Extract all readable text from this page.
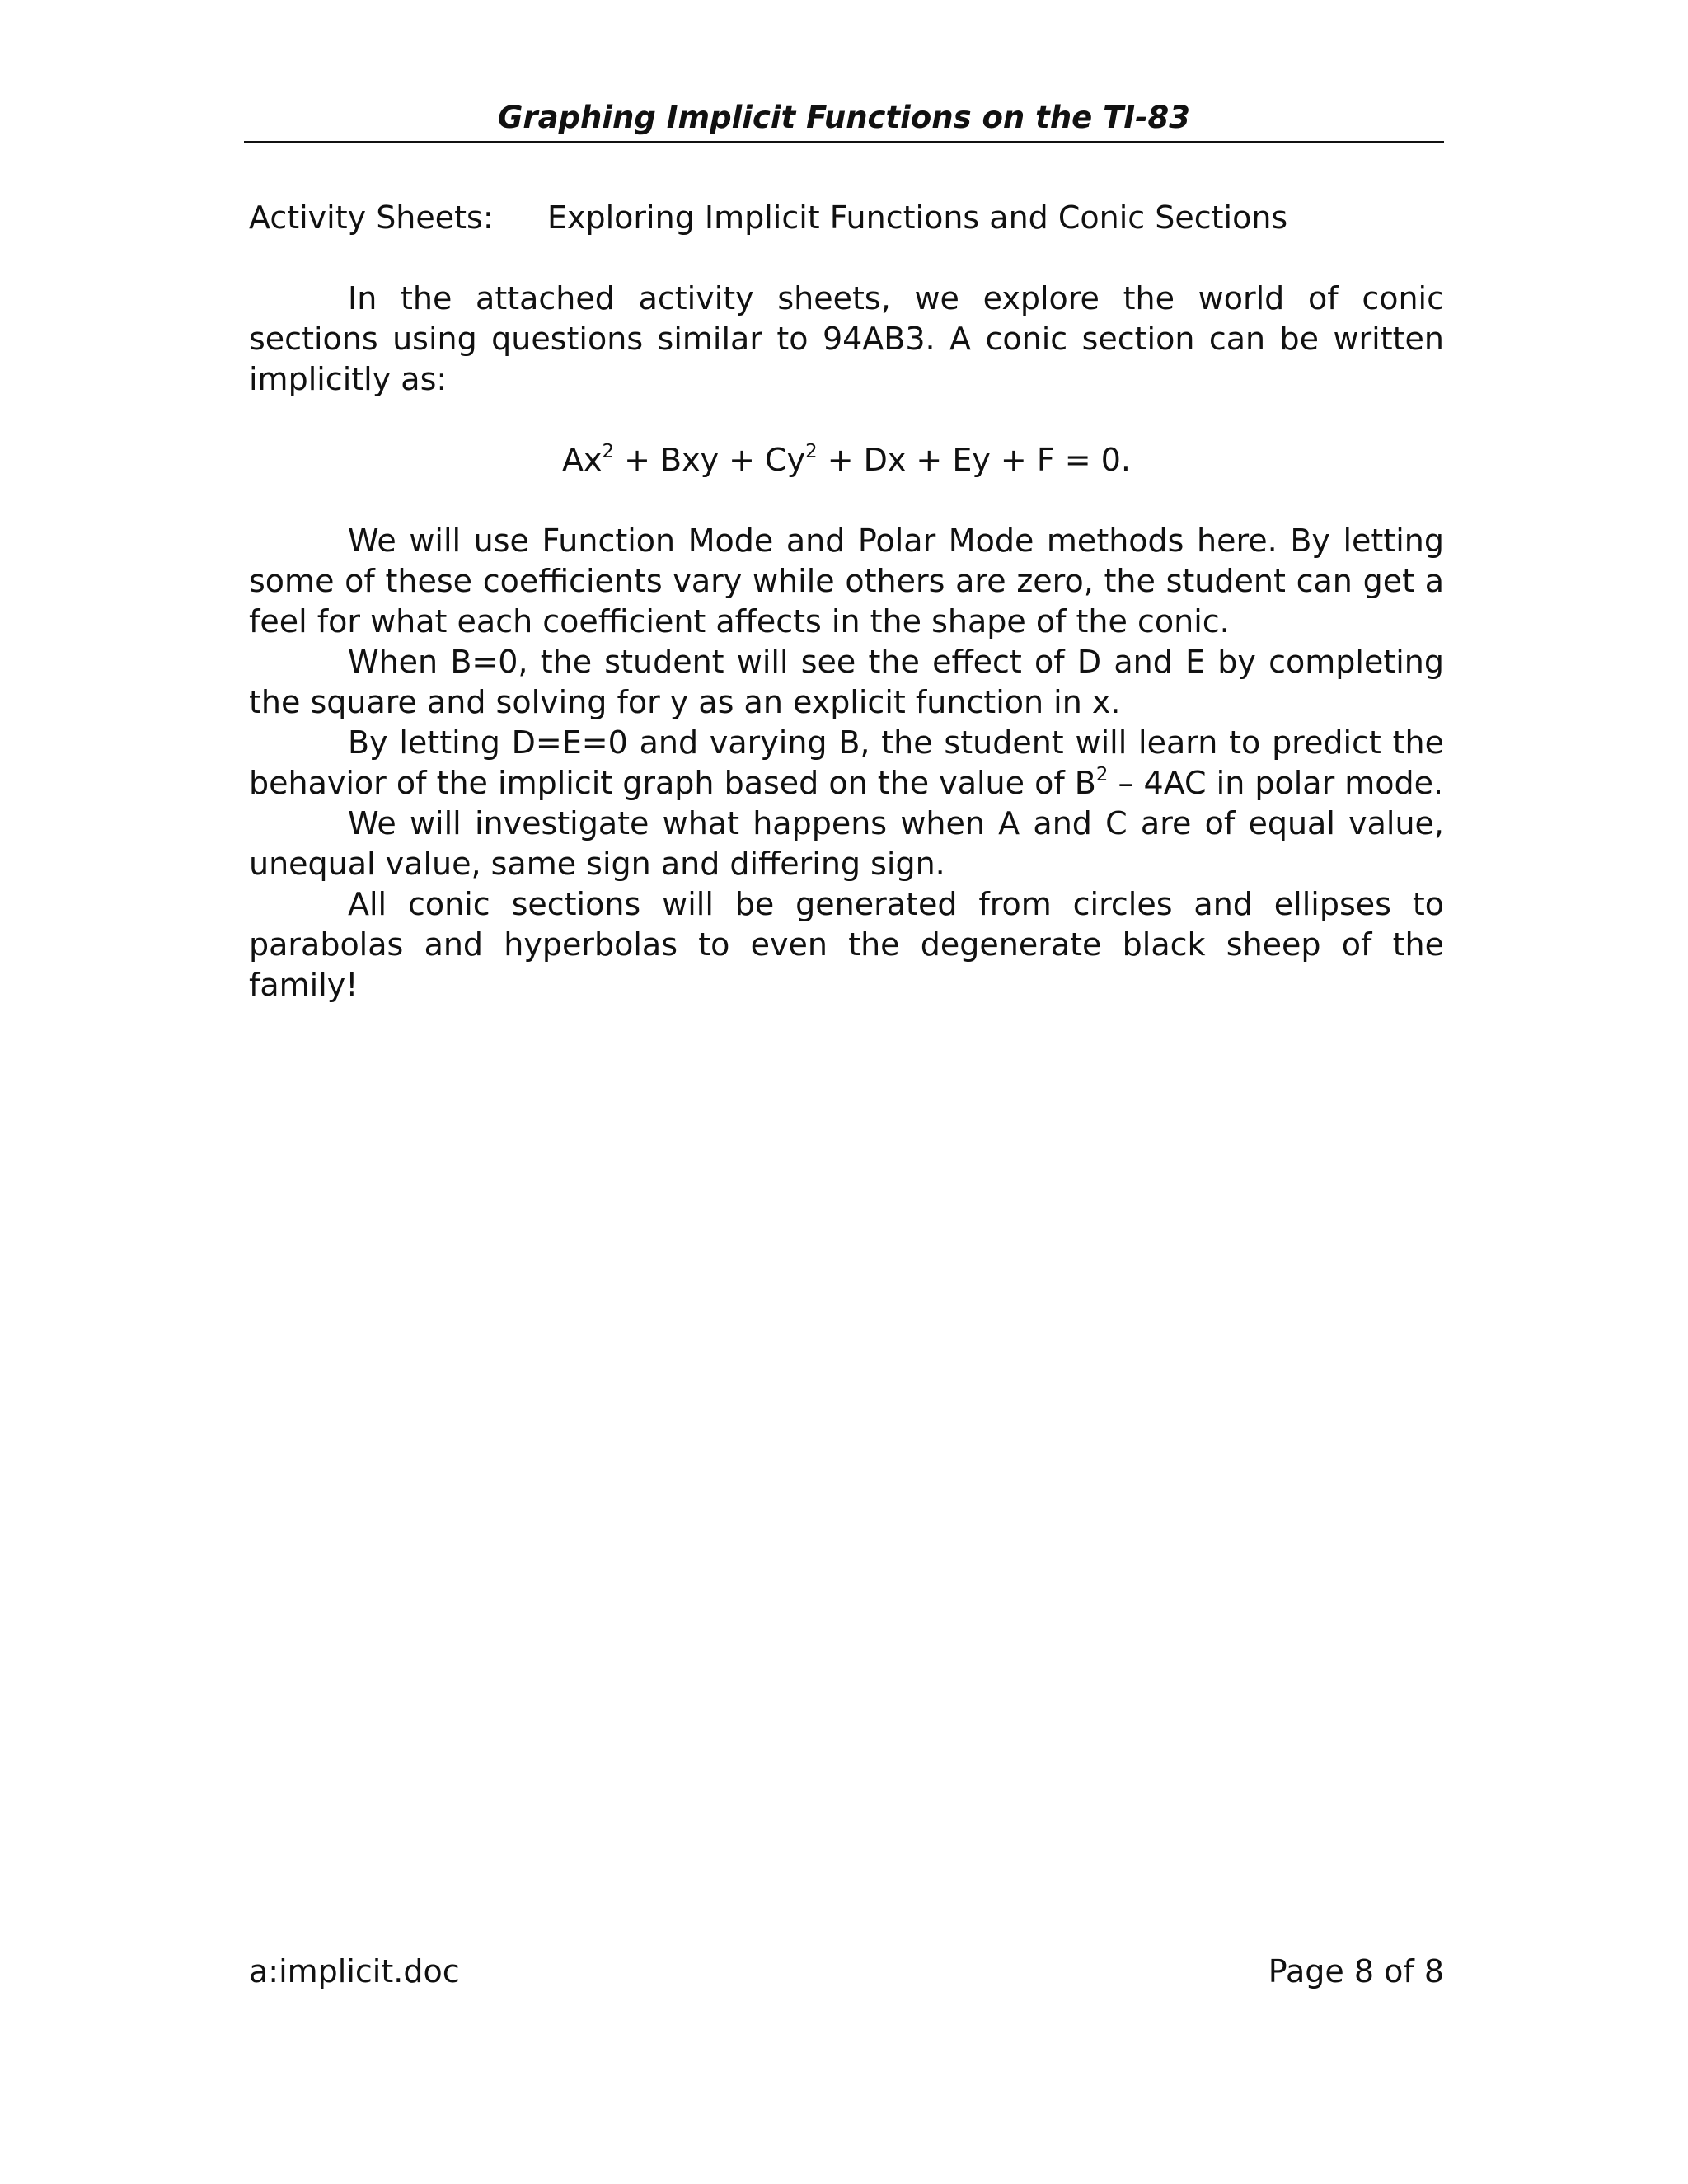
Graphing Implicit Functions on the TI-83
Activity Sheets: Exploring Implicit Functions and Conic Sections

In the attached activity sheets, we explore the world of conic sections using questions similar to 94AB3. A conic section can be written implicitly as:

$Ax^2$ + Bxy + $Cy^2 + Dx + Ey + F = 0$.

We will use Function Mode and Polar Mode methods here. By letting some of these coefficients vary while others are zero, the student can get a feel for what each coefficient affects in the shape of the conic.

When B=0, the student will see the effect of D and E by completing the square and solving for y as an explicit function in x.

By letting D=E=0 and varying B, the student will learn to predict the behavior of the implicit graph based on the value of $B^2 - 4AC$ in polar mode.

We will investigate what happens when A and C are of equal value, unequal value, same sign and differing sign.

All conic sections will be generated from circles and ellipses to parabolas and hyperbolas to even the degenerate black sheep of the family!

a:implicit.doc	Page 8 of 8
